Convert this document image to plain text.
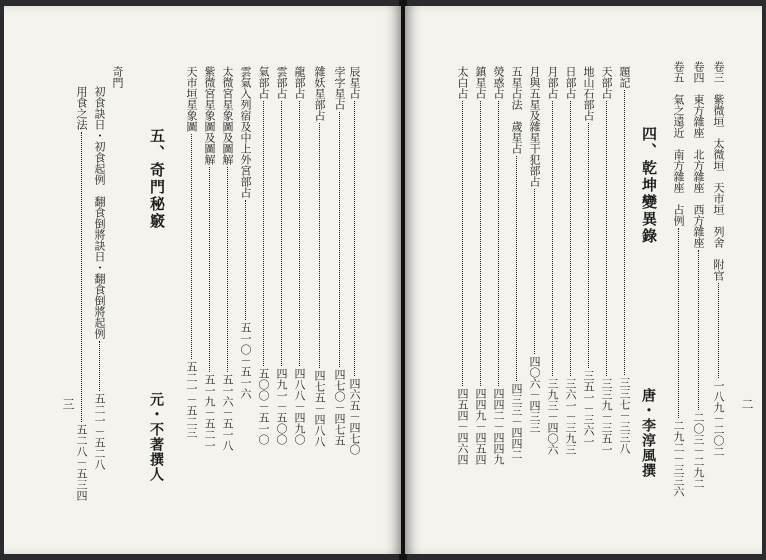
五、奇門秘竅
元・不著撰人
辰星占四六五－四七〇
孛字星占四七〇－四七五
雜妖星部占四七五－四八八
龍部占四八八－四九〇
雲部占四九一－五〇〇
氣部占五〇〇－五一〇
雲氣入列宿及中上外宮部占五一〇－五一六
太微宮星象圖及圖解五一六－五一八
紫微宮星象圖及圖解五一九－五二一
天市垣星象圖五二一－五二三
奇門
初食訣日・初食起例　翻食倒將訣日・翻食倒將起例五二一－五二八
用食之法五二八－五三四
三
卷三　紫微垣　太微垣　天市垣　列舍　附官一八九－二〇二
卷四　東方雜座　北方雜座　西方雜座二〇三－二九二
卷五　氣之遠近　南方雜座　占例二九二－三三六
四、乾坤變異錄
唐・李淳風撰
題記三三七－三三八
天部占三三九－三五一
地山石部占三五一－三六一
日部占三六一－三九三
月部占三九三－四〇六
月與五星及雜星干犯部占四〇六－四三三
五星占法　歲星占四三三－四四二
熒惑占四四二－四四九
鎮星占四四九－四五四
太白占四五四－四六四	二
